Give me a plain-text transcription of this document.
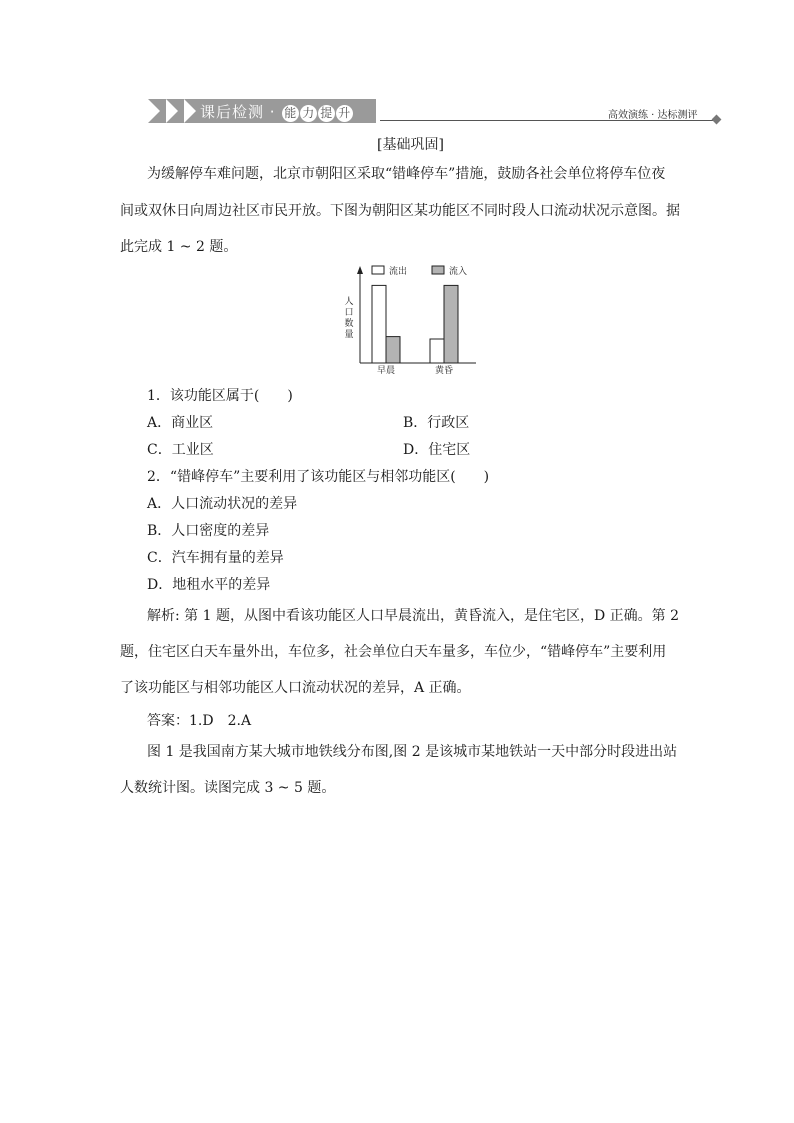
课后检测 · 能 力 提 升	高效演练 · 达标测评
[基础巩固]
为缓解停车难问题，北京市朝阳区采取“错峰停车”措施，鼓励各社会单位将停车位夜
间或双休日向周边社区市民开放。下图为朝阳区某功能区不同时段人口流动状况示意图。据
此完成 1 ~ 2 题。
流出	流入
人
口
数
量
早晨	黄昏
1．该功能区属于(　　)
A．商业区	B．行政区
C．工业区	D．住宅区
2．“错峰停车”主要利用了该功能区与相邻功能区(　　)
A．人口流动状况的差异
B．人口密度的差异
C．汽车拥有量的差异
D．地租水平的差异
解析: 第 1 题，从图中看该功能区人口早晨流出，黄昏流入，是住宅区，D 正确。第 2
题，住宅区白天车量外出，车位多，社会单位白天车量多，车位少，“错峰停车”主要利用
了该功能区与相邻功能区人口流动状况的差异，A 正确。
答案：1.D　2.A
图 1 是我国南方某大城市地铁线分布图,图 2 是该城市某地铁站一天中部分时段进出站
人数统计图。读图完成 3 ~ 5 题。
